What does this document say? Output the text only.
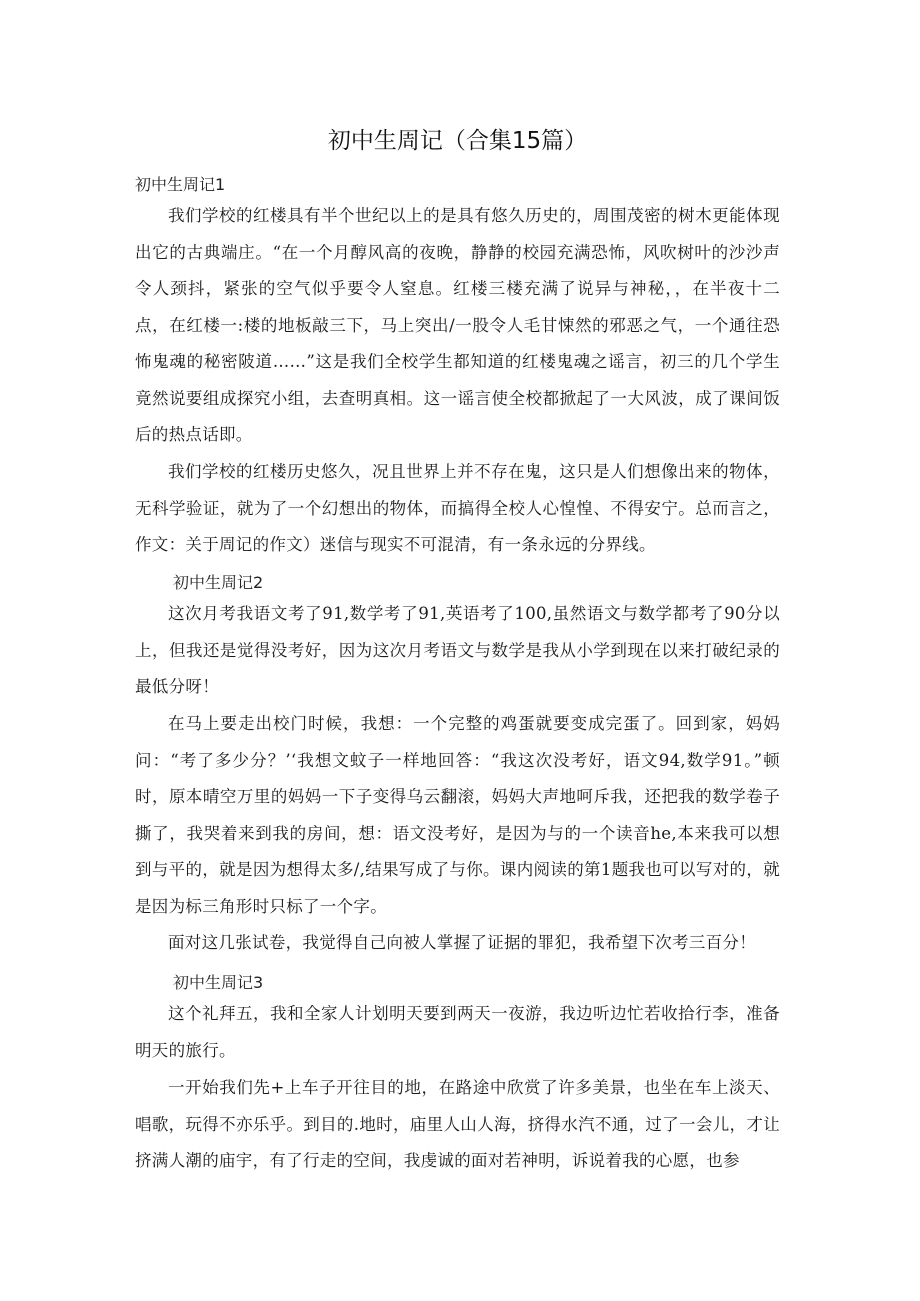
初中生周记（合集15篇）
初中生周记1

我们学校的红楼具有半个世纪以上的是具有悠久历史的，周围茂密的树木更能体现出它的古典端庄。“在一个月醇风高的夜晚，静静的校园充满恐怖，风吹树叶的沙沙声令人颈抖，紧张的空气似乎要令人窒息。红楼三楼充满了说异与神秘，，在半夜十二点，在红楼一:楼的地板敲三下，马上突出/一股令人毛甘悚然的邪恶之气，一个通往恐怖鬼魂的秘密陂道……”这是我们全校学生都知道的红楼鬼魂之谣言，初三的几个学生竟然说要组成探究小组，去查明真相。这一谣言使全校都掀起了一大风波，成了课间饭后的热点话即。

我们学校的红楼历史悠久，况且世界上并不存在鬼，这只是人们想像出来的物体，无科学验证，就为了一个幻想出的物体，而搞得全校人心惶惶、不得安宁。总而言之，作文：关于周记的作文）迷信与现实不可混清，有一条永远的分界线。

初中生周记2

这次月考我语文考了91,数学考了91,英语考了100,虽然语文与数学都考了90分以上，但我还是觉得没考好，因为这次月考语文与数学是我从小学到现在以来打破纪录的最低分呀！

在马上要走出校门时候，我想：一个完整的鸡蛋就要变成完蛋了。回到家，妈妈问：“考了多少分？’‘我想文蚊子一样地回答：“我这次没考好，语文94,数学91。”顿时，原本晴空万里的妈妈一下子变得乌云翻滚，妈妈大声地呵斥我，还把我的数学卷子撕了，我哭着来到我的房间，想：语文没考好，是因为与的一个读音he,本来我可以想到与平的，就是因为想得太多/,结果写成了与你。课内阅读的第1题我也可以写对的，就是因为标三角形时只标了一个字。

面对这几张试卷，我觉得自己向被人掌握了证据的罪犯，我希望下次考三百分！

初中生周记3

这个礼拜五，我和全家人计划明天要到两天一夜游，我边听边忙若收拾行李，准备明天的旅行。

一开始我们先+上车子开往目的地，在路途中欣赏了许多美景，也坐在车上淡天、唱歌，玩得不亦乐乎。到目的.地时，庙里人山人海，挤得水汽不通，过了一会儿，才让挤满人潮的庙宇，有了行走的空间，我虔诚的面对若神明，诉说着我的心愿，也参
